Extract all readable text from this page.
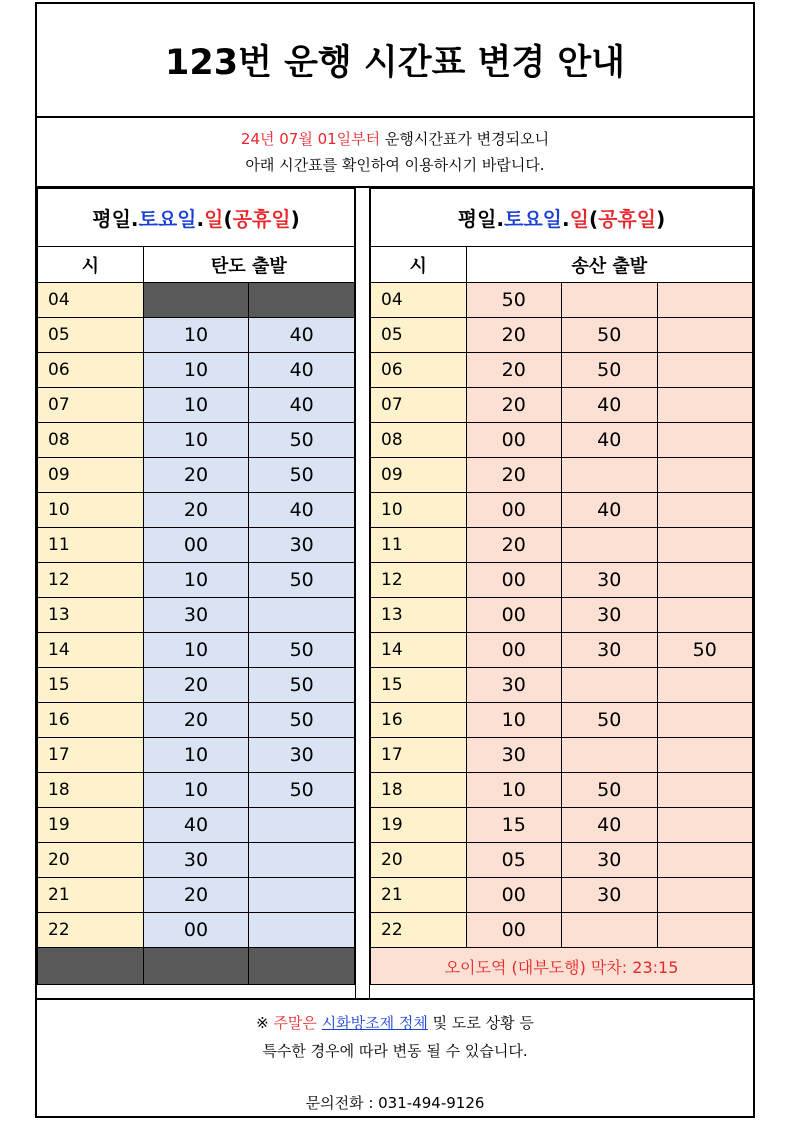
123번 운행 시간표 변경 안내
24년 07월 01일부터 운행시간표가 변경되오니
아래 시간표를 확인하여 이용하시기 바랍니다.
평일.토요일.일(공휴일)		
시	탄도 출발	
04		
05	10	40
06	10	40
07	10	40
08	10	50
09	20	50
10	20	40
11	00	30
12	10	50
13	30	
14	10	50
15	20	50
16	20	50
17	10	30
18	10	50
19	40	
20	30	
21	20	
22	00	

평일.토요일.일(공휴일)			
시	송산 출발		
04	50		
05	20	50	
06	20	50	
07	20	40	
08	00	40	
09	20		
10	00	40	
11	20		
12	00	30	
13	00	30	
14	00	30	50
15	30		
16	10	50	
17	30		
18	10	50	
19	15	40	
20	05	30	
21	00	30	
22	00		
오이도역 (대부도행) 막차: 23:15			
※ 주말은 시화방조제 정체 및 도로 상황 등
특수한 경우에 따라 변동 될 수 있습니다.
문의전화 : 031-494-9126
